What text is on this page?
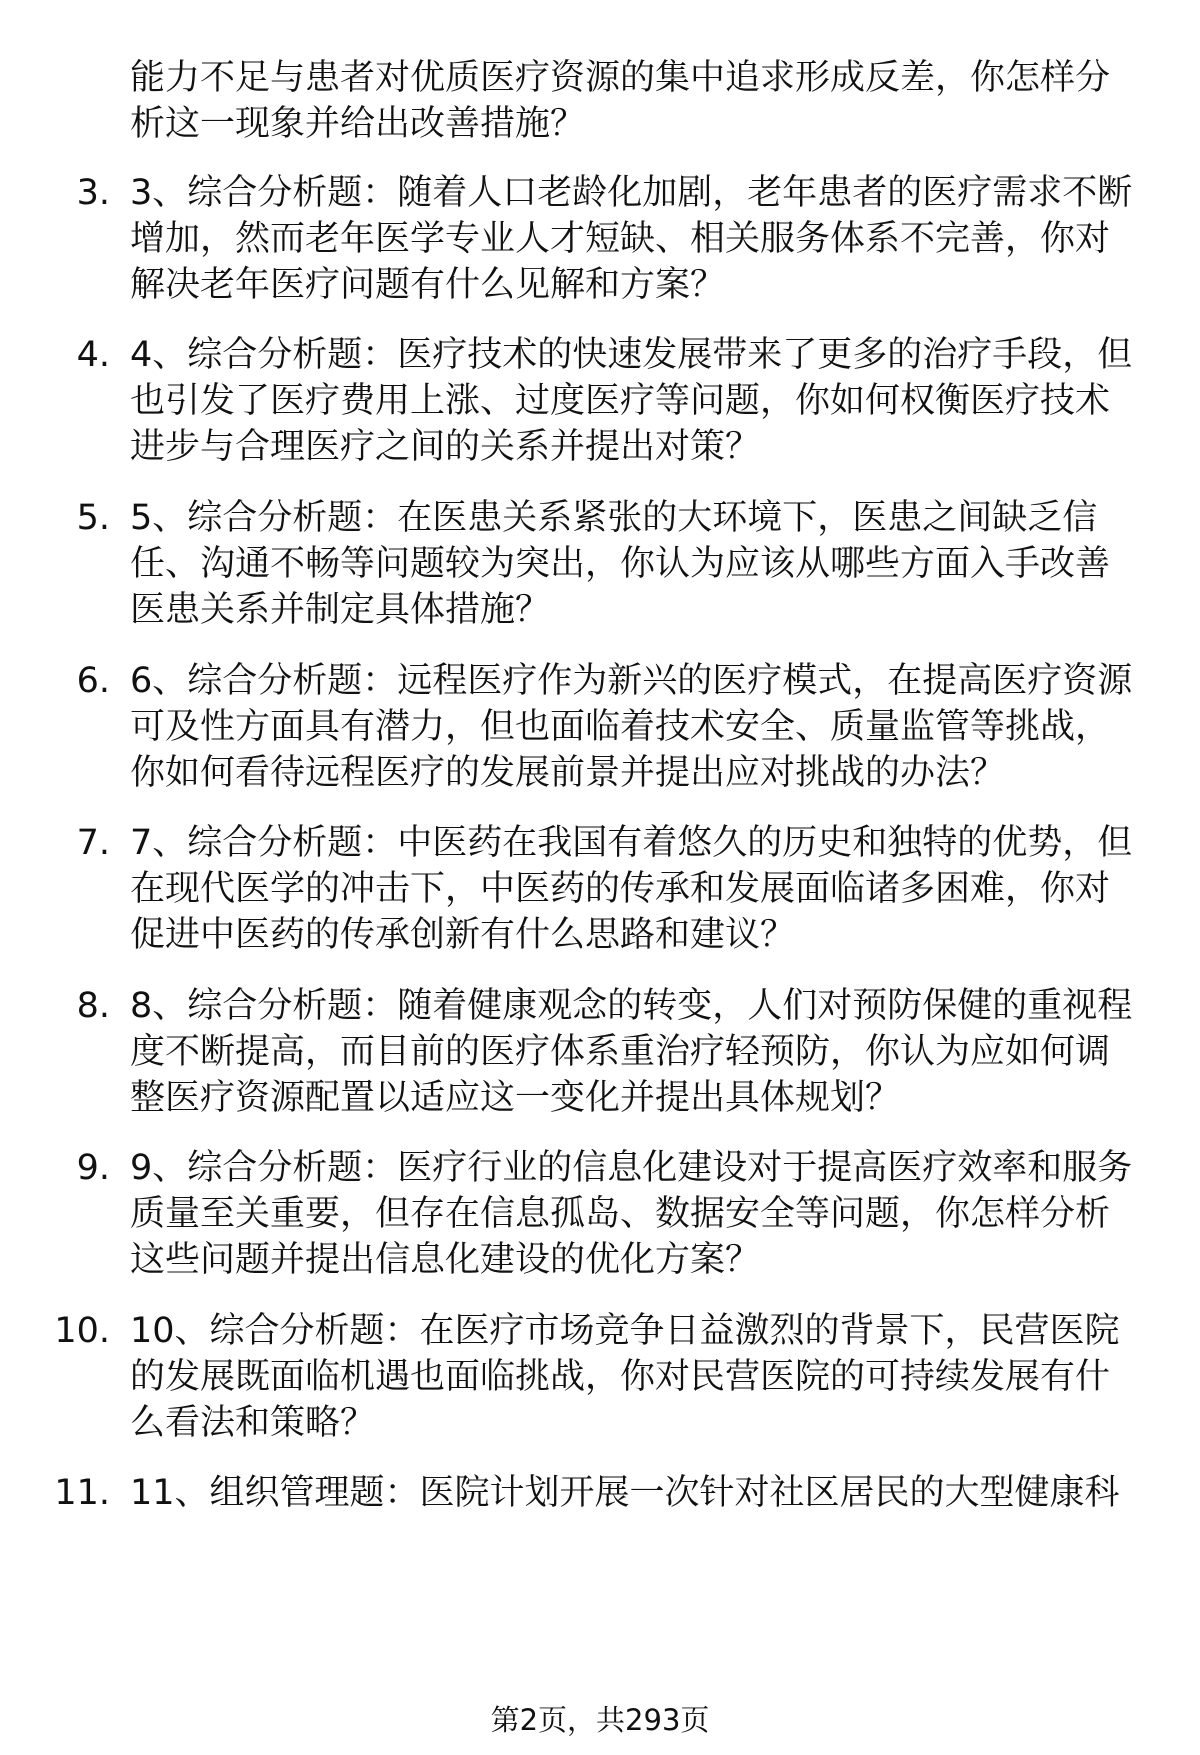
能力不足与患者对优质医疗资源的集中追求形成反差，你怎样分
析这一现象并给出改善措施？
3. 3、综合分析题：随着人口老龄化加剧，老年患者的医疗需求不断
增加，然而老年医学专业人才短缺、相关服务体系不完善，你对
解决老年医疗问题有什么见解和方案？
4. 4、综合分析题：医疗技术的快速发展带来了更多的治疗手段，但
也引发了医疗费用上涨、过度医疗等问题，你如何权衡医疗技术
进步与合理医疗之间的关系并提出对策？
5. 5、综合分析题：在医患关系紧张的大环境下，医患之间缺乏信
任、沟通不畅等问题较为突出，你认为应该从哪些方面入手改善
医患关系并制定具体措施？
6. 6、综合分析题：远程医疗作为新兴的医疗模式，在提高医疗资源
可及性方面具有潜力，但也面临着技术安全、质量监管等挑战，
你如何看待远程医疗的发展前景并提出应对挑战的办法？
7. 7、综合分析题：中医药在我国有着悠久的历史和独特的优势，但
在现代医学的冲击下，中医药的传承和发展面临诸多困难，你对
促进中医药的传承创新有什么思路和建议？
8. 8、综合分析题：随着健康观念的转变，人们对预防保健的重视程
度不断提高，而目前的医疗体系重治疗轻预防，你认为应如何调
整医疗资源配置以适应这一变化并提出具体规划？
9. 9、综合分析题：医疗行业的信息化建设对于提高医疗效率和服务
质量至关重要，但存在信息孤岛、数据安全等问题，你怎样分析
这些问题并提出信息化建设的优化方案？
10. 10、综合分析题：在医疗市场竞争日益激烈的背景下，民营医院
的发展既面临机遇也面临挑战，你对民营医院的可持续发展有什
么看法和策略？
11. 11、组织管理题：医院计划开展一次针对社区居民的大型健康科
第2页，共293页
